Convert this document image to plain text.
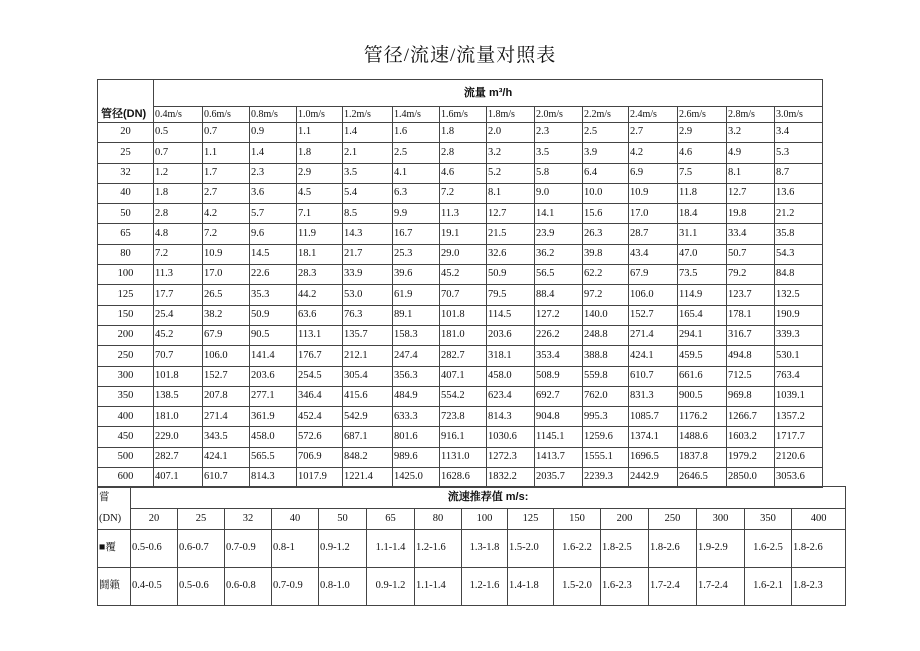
管径/流速/流量对照表
	流量 m³/h													
管径(DN)	0.4m/s	0.6m/s	0.8m/s	1.0m/s	1.2m/s	1.4m/s	1.6m/s	1.8m/s	2.0m/s	2.2m/s	2.4m/s	2.6m/s	2.8m/s	3.0m/s
20	0.5	0.7	0.9	1.1	1.4	1.6	1.8	2.0	2.3	2.5	2.7	2.9	3.2	3.4
25	0.7	1.1	1.4	1.8	2.1	2.5	2.8	3.2	3.5	3.9	4.2	4.6	4.9	5.3
32	1.2	1.7	2.3	2.9	3.5	4.1	4.6	5.2	5.8	6.4	6.9	7.5	8.1	8.7
40	1.8	2.7	3.6	4.5	5.4	6.3	7.2	8.1	9.0	10.0	10.9	11.8	12.7	13.6
50	2.8	4.2	5.7	7.1	8.5	9.9	11.3	12.7	14.1	15.6	17.0	18.4	19.8	21.2
65	4.8	7.2	9.6	11.9	14.3	16.7	19.1	21.5	23.9	26.3	28.7	31.1	33.4	35.8
80	7.2	10.9	14.5	18.1	21.7	25.3	29.0	32.6	36.2	39.8	43.4	47.0	50.7	54.3
100	11.3	17.0	22.6	28.3	33.9	39.6	45.2	50.9	56.5	62.2	67.9	73.5	79.2	84.8
125	17.7	26.5	35.3	44.2	53.0	61.9	70.7	79.5	88.4	97.2	106.0	114.9	123.7	132.5
150	25.4	38.2	50.9	63.6	76.3	89.1	101.8	114.5	127.2	140.0	152.7	165.4	178.1	190.9
200	45.2	67.9	90.5	113.1	135.7	158.3	181.0	203.6	226.2	248.8	271.4	294.1	316.7	339.3
250	70.7	106.0	141.4	176.7	212.1	247.4	282.7	318.1	353.4	388.8	424.1	459.5	494.8	530.1
300	101.8	152.7	203.6	254.5	305.4	356.3	407.1	458.0	508.9	559.8	610.7	661.6	712.5	763.4
350	138.5	207.8	277.1	346.4	415.6	484.9	554.2	623.4	692.7	762.0	831.3	900.5	969.8	1039.1
400	181.0	271.4	361.9	452.4	542.9	633.3	723.8	814.3	904.8	995.3	1085.7	1176.2	1266.7	1357.2
450	229.0	343.5	458.0	572.6	687.1	801.6	916.1	1030.6	1145.1	1259.6	1374.1	1488.6	1603.2	1717.7
500	282.7	424.1	565.5	706.9	848.2	989.6	1131.0	1272.3	1413.7	1555.1	1696.5	1837.8	1979.2	2120.6
600	407.1	610.7	814.3	1017.9	1221.4	1425.0	1628.6	1832.2	2035.7	2239.3	2442.9	2646.5	2850.0	3053.6
嘗	流速推荐值 m/s:														
(DN)	20	25	32	40	50	65	80	100	125	150	200	250	300	350	400
■覆	0.5-0.6	0.6-0.7	0.7-0.9	0.8-1	0.9-1.2	1.1-1.4	1.2-1.6	1.3-1.8	1.5-2.0	1.6-2.2	1.8-2.5	1.8-2.6	1.9-2.9	1.6-2.5	1.8-2.6
鬪籟	0.4-0.5	0.5-0.6	0.6-0.8	0.7-0.9	0.8-1.0	0.9-1.2	1.1-1.4	1.2-1.6	1.4-1.8	1.5-2.0	1.6-2.3	1.7-2.4	1.7-2.4	1.6-2.1	1.8-2.3
